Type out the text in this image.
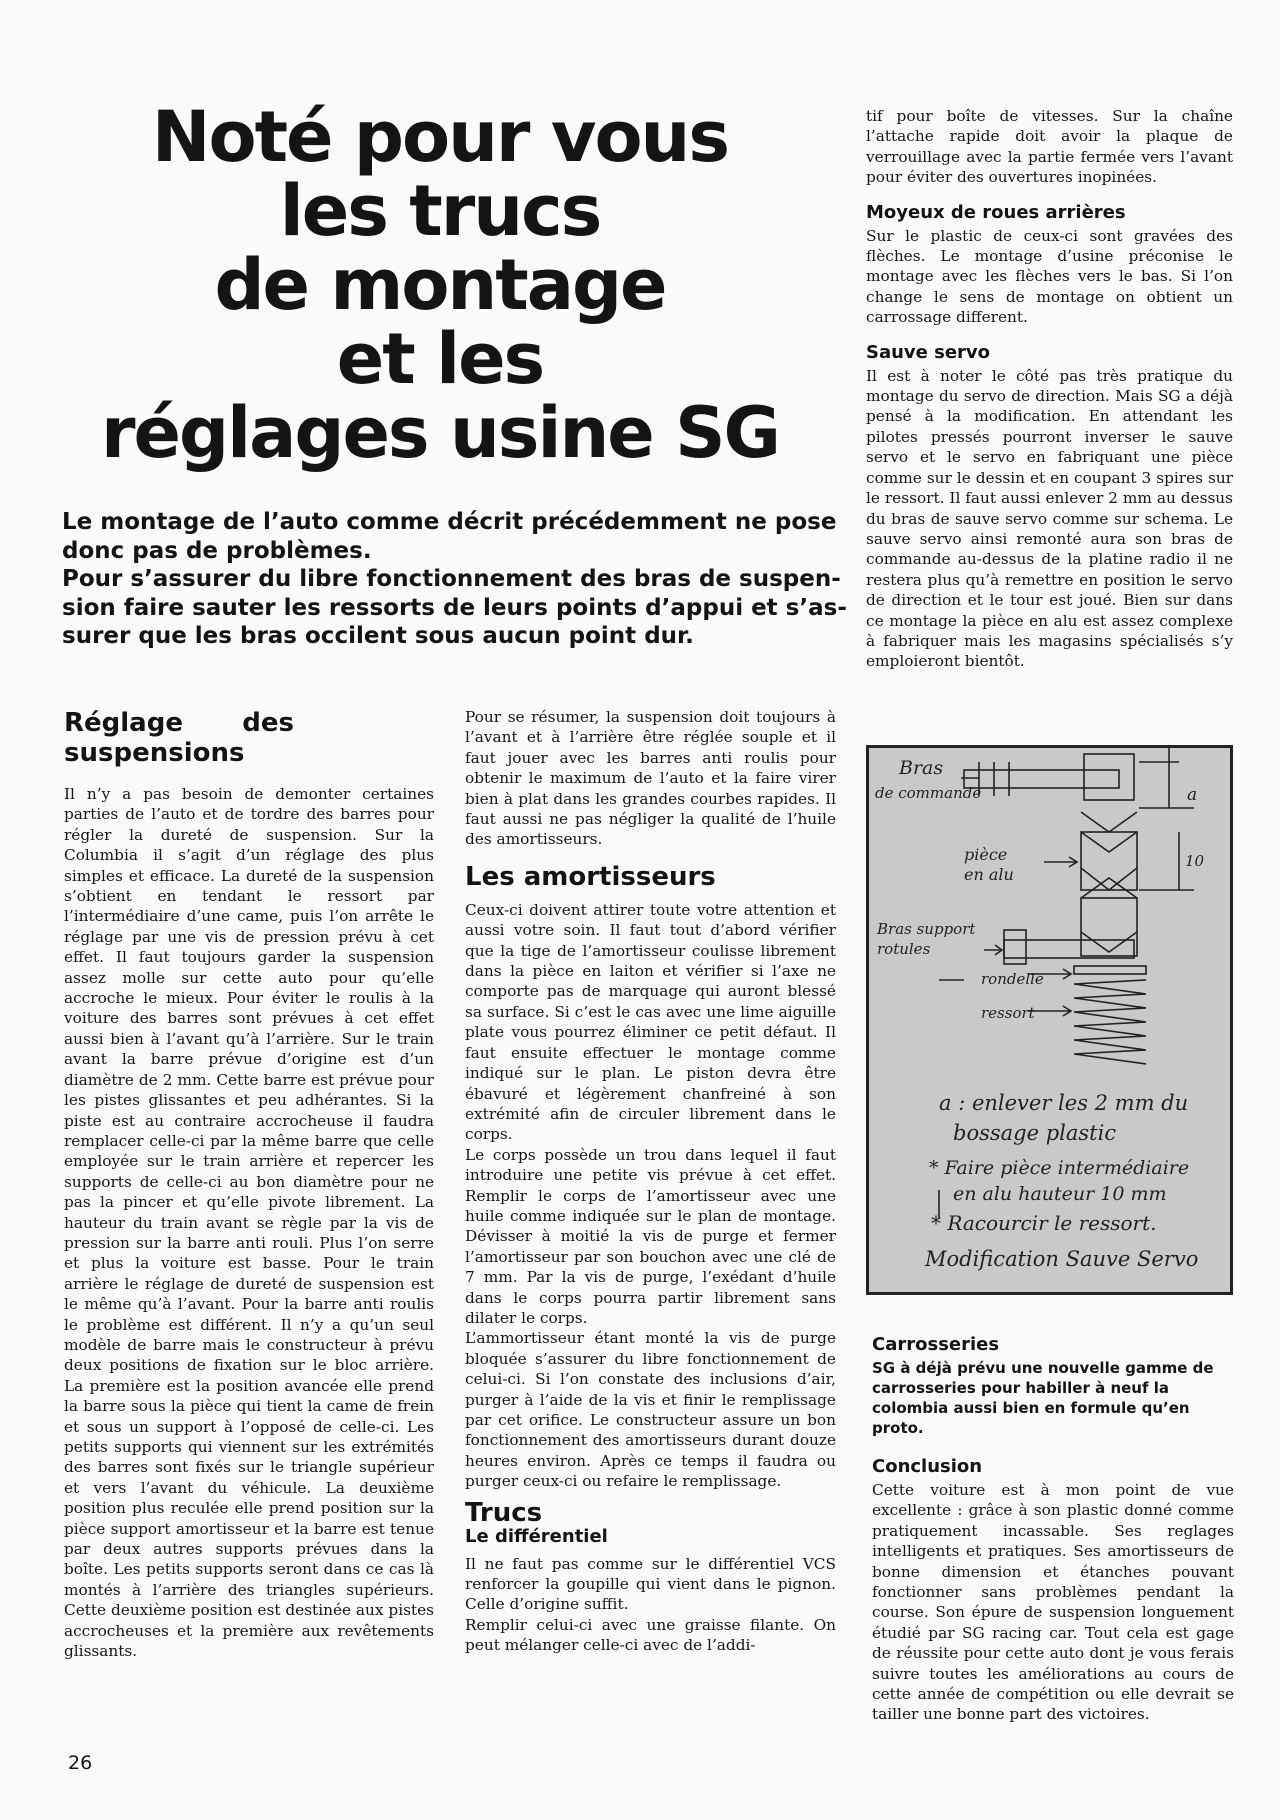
Noté pour vous
les trucs
de montage
et les
réglages usine SG

Le montage de l’auto comme décrit précédemment ne pose donc pas de problèmes.

Pour s’assurer du libre fonctionnement des bras de suspen-sion faire sauter les ressorts de leurs points d’appui et s’as-surer que les bras occilent sous aucun point dur.

Réglage des suspensions

Il n’y a pas besoin de demonter certaines parties de l’auto et de tordre des barres pour régler la dureté de suspension. Sur la Columbia il s’agit d’un réglage des plus simples et efficace. La dureté de la suspension s’obtient en tendant le ressort par l’intermédiaire d’une came, puis l’on arrête le réglage par une vis de pression prévu à cet effet. Il faut toujours garder la suspension assez molle sur cette auto pour qu’elle accroche le mieux. Pour éviter le roulis à la voiture des barres sont prévues à cet effet aussi bien à l’avant qu’à l’arrière. Sur le train avant la barre prévue d’origine est d’un diamètre de 2 mm. Cette barre est prévue pour les pistes glissantes et peu adhérantes. Si la piste est au contraire accrocheuse il faudra remplacer celle-ci par la même barre que celle employée sur le train arrière et repercer les supports de celle-ci au bon diamètre pour ne pas la pincer et qu’elle pivote librement. La hauteur du train avant se règle par la vis de pression sur la barre anti rouli. Plus l’on serre et plus la voiture est basse. Pour le train arrière le réglage de dureté de suspension est le même qu’à l’avant. Pour la barre anti roulis le problème est différent. Il n’y a qu’un seul modèle de barre mais le constructeur à prévu deux positions de fixation sur le bloc arrière. La première est la position avancée elle prend la barre sous la pièce qui tient la came de frein et sous un support à l’opposé de celle-ci. Les petits supports qui viennent sur les extrémités des barres sont fixés sur le triangle supérieur et vers l’avant du véhicule. La deuxième position plus reculée elle prend position sur la pièce support amortisseur et la barre est tenue par deux autres supports prévues dans la boîte. Les petits supports seront dans ce cas là montés à l’arrière des triangles supérieurs. Cette deuxième position est destinée aux pistes accrocheuses et la première aux revêtements glissants.

Pour se résumer, la suspension doit toujours à l’avant et à l’arrière être réglée souple et il faut jouer avec les barres anti roulis pour obtenir le maximum de l’auto et la faire virer bien à plat dans les grandes courbes rapides. Il faut aussi ne pas négliger la qualité de l’huile des amortisseurs.

Les amortisseurs

Ceux-ci doivent attirer toute votre attention et aussi votre soin. Il faut tout d’abord vérifier que la tige de l’amortisseur coulisse librement dans la pièce en laiton et vérifier si l’axe ne comporte pas de marquage qui auront blessé sa surface. Si c’est le cas avec une lime aiguille plate vous pourrez éliminer ce petit défaut. Il faut ensuite effectuer le montage comme indiqué sur le plan. Le piston devra être ébavuré et légèrement chanfreiné à son extrémité afin de circuler librement dans le corps.

Le corps possède un trou dans lequel il faut introduire une petite vis prévue à cet effet. Remplir le corps de l’amortisseur avec une huile comme indiquée sur le plan de montage. Dévisser à moitié la vis de purge et fermer l’amortisseur par son bouchon avec une clé de 7 mm. Par la vis de purge, l’exédant d’huile dans le corps pourra partir librement sans dilater le corps.

L’ammortisseur étant monté la vis de purge bloquée s’assurer du libre fonctionnement de celui-ci. Si l’on constate des inclusions d’air, purger à l’aide de la vis et finir le remplissage par cet orifice. Le constructeur assure un bon fonctionnement des amortisseurs durant douze heures environ. Après ce temps il faudra ou purger ceux-ci ou refaire le remplissage.

Trucs
Le différentiel

Il ne faut pas comme sur le différentiel VCS renforcer la goupille qui vient dans le pignon. Celle d’origine suffit.

Remplir celui-ci avec une graisse filante. On peut mélanger celle-ci avec de l’addi-

tif pour boîte de vitesses. Sur la chaîne l’attache rapide doit avoir la plaque de verrouillage avec la partie fermée vers l’avant pour éviter des ouvertures inopinées.

Moyeux de roues arrières

Sur le plastic de ceux-ci sont gravées des flèches. Le montage d’usine préconise le montage avec les flèches vers le bas. Si l’on change le sens de montage on obtient un carrossage different.

Sauve servo

Il est à noter le côté pas très pratique du montage du servo de direction. Mais SG a déjà pensé à la modification. En attendant les pilotes pressés pourront inverser le sauve servo et le servo en fabriquant une pièce comme sur le dessin et en coupant 3 spires sur le ressort. Il faut aussi enlever 2 mm au dessus du bras de sauve servo comme sur schema. Le sauve servo ainsi remonté aura son bras de commande au-dessus de la platine radio il ne restera plus qu’à remettre en position le servo de direction et le tour est joué. Bien sur dans ce montage la pièce en alu est assez complexe à fabriquer mais les magasins spécialisés s’y emploieront bientôt.

Bras
de commande
pièce
en alu
Bras support
rotules
rondelle
ressort
a
10
a : enlever les 2 mm du
bossage plastic
* Faire pièce intermédiaire
en alu hauteur 10 mm
* Racourcir le ressort.
Modification Sauve Servo
Carrosseries

SG à déjà prévu une nouvelle gamme de carrosseries pour habiller à neuf la colombia aussi bien en formule qu’en proto.

Conclusion

Cette voiture est à mon point de vue excellente : grâce à son plastic donné comme pratiquement incassable. Ses reglages intelligents et pratiques. Ses amortisseurs de bonne dimension et étanches pouvant fonctionner sans problèmes pendant la course. Son épure de suspension longuement étudié par SG racing car. Tout cela est gage de réussite pour cette auto dont je vous ferais suivre toutes les améliorations au cours de cette année de compétition ou elle devrait se tailler une bonne part des victoires.

26
